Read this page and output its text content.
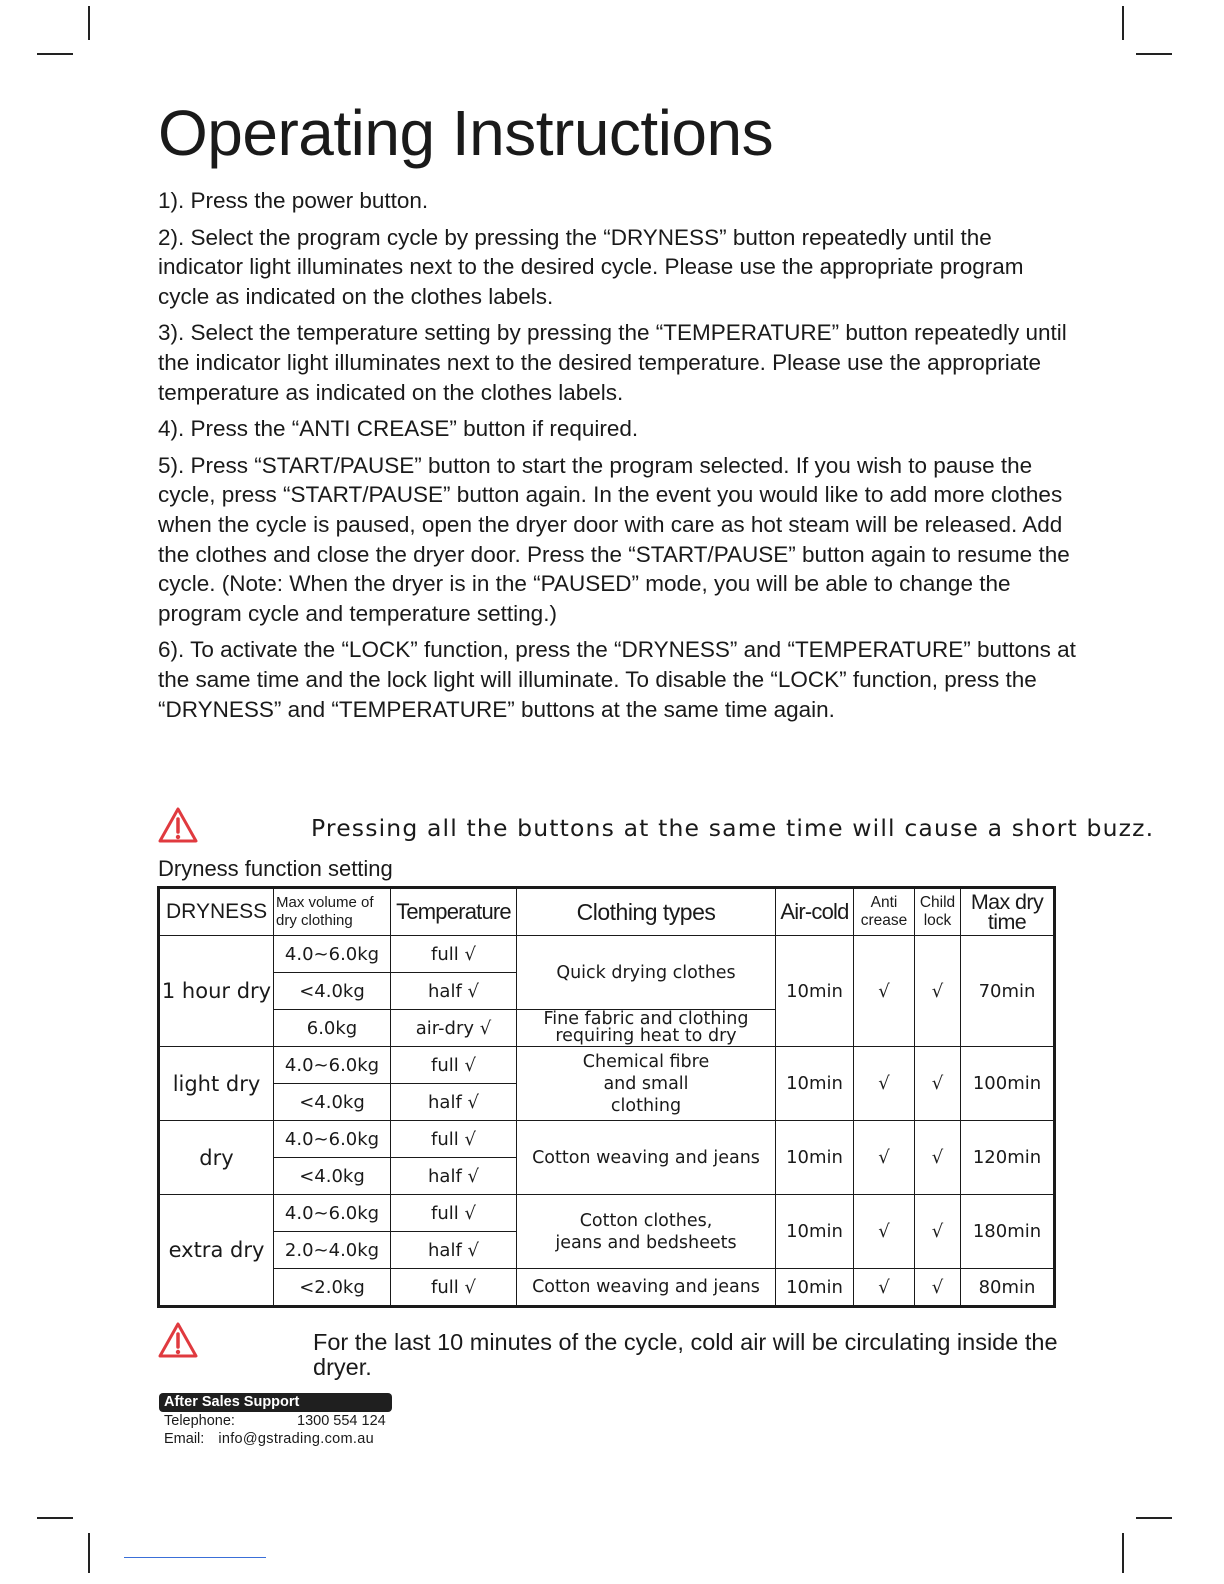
Operating Instructions

1). Press the power button.

2). Select the program cycle by pressing the “DRYNESS” button repeatedly until the indicator light illuminates next to the desired cycle. Please use the appropriate program cycle as indicated on the clothes labels.

3). Select the temperature setting by pressing the “TEMPERATURE” button repeatedly until the indicator light illuminates next to the desired temperature. Please use the appropriate temperature as indicated on the clothes labels.

4). Press the “ANTI CREASE” button if required.

5). Press “START/PAUSE” button to start the program selected. If you wish to pause the cycle, press “START/PAUSE” button again. In the event you would like to add more clothes when the cycle is paused, open the dryer door with care as hot steam will be released. Add the clothes and close the dryer door. Press the “START/PAUSE” button again to resume the cycle. (Note: When the dryer is in the “PAUSED” mode, you will be able to change the program cycle and temperature setting.)

6). To activate the “LOCK” function, press the “DRYNESS” and “TEMPERATURE” buttons at the same time and the lock light will illuminate. To disable the “LOCK” function, press the “DRYNESS” and “TEMPERATURE” buttons at the same time again.

Pressing all the buttons at the same time will cause a short buzz.
Dryness function setting
DRYNESS	Max volume of dry clothing	Temperature	Clothing types	Air-cold	Anti crease	Child lock	Max dry time
1 hour dry	4.0~6.0kg	full √	Quick drying clothes	10min	√	√	70min
	<4.0kg	half √					
	6.0kg	air-dry √	Fine fabric and clothing requiring heat to dry				
light dry	4.0~6.0kg	full √	Chemical fibre and small clothing	10min	√	√	100min
	<4.0kg	half √					
dry	4.0~6.0kg	full √	Cotton weaving and jeans	10min	√	√	120min
	<4.0kg	half √					
extra dry	4.0~6.0kg	full √	Cotton clothes, jeans and bedsheets	10min	√	√	180min
	2.0~4.0kg	half √					
	<2.0kg	full √	Cotton weaving and jeans	10min	√	√	80min
For the last 10 minutes of the cycle, cold air will be circulating inside the dryer.
After Sales Support
Telephone:	1300 554 124
Email: info@gstrading.com.au
